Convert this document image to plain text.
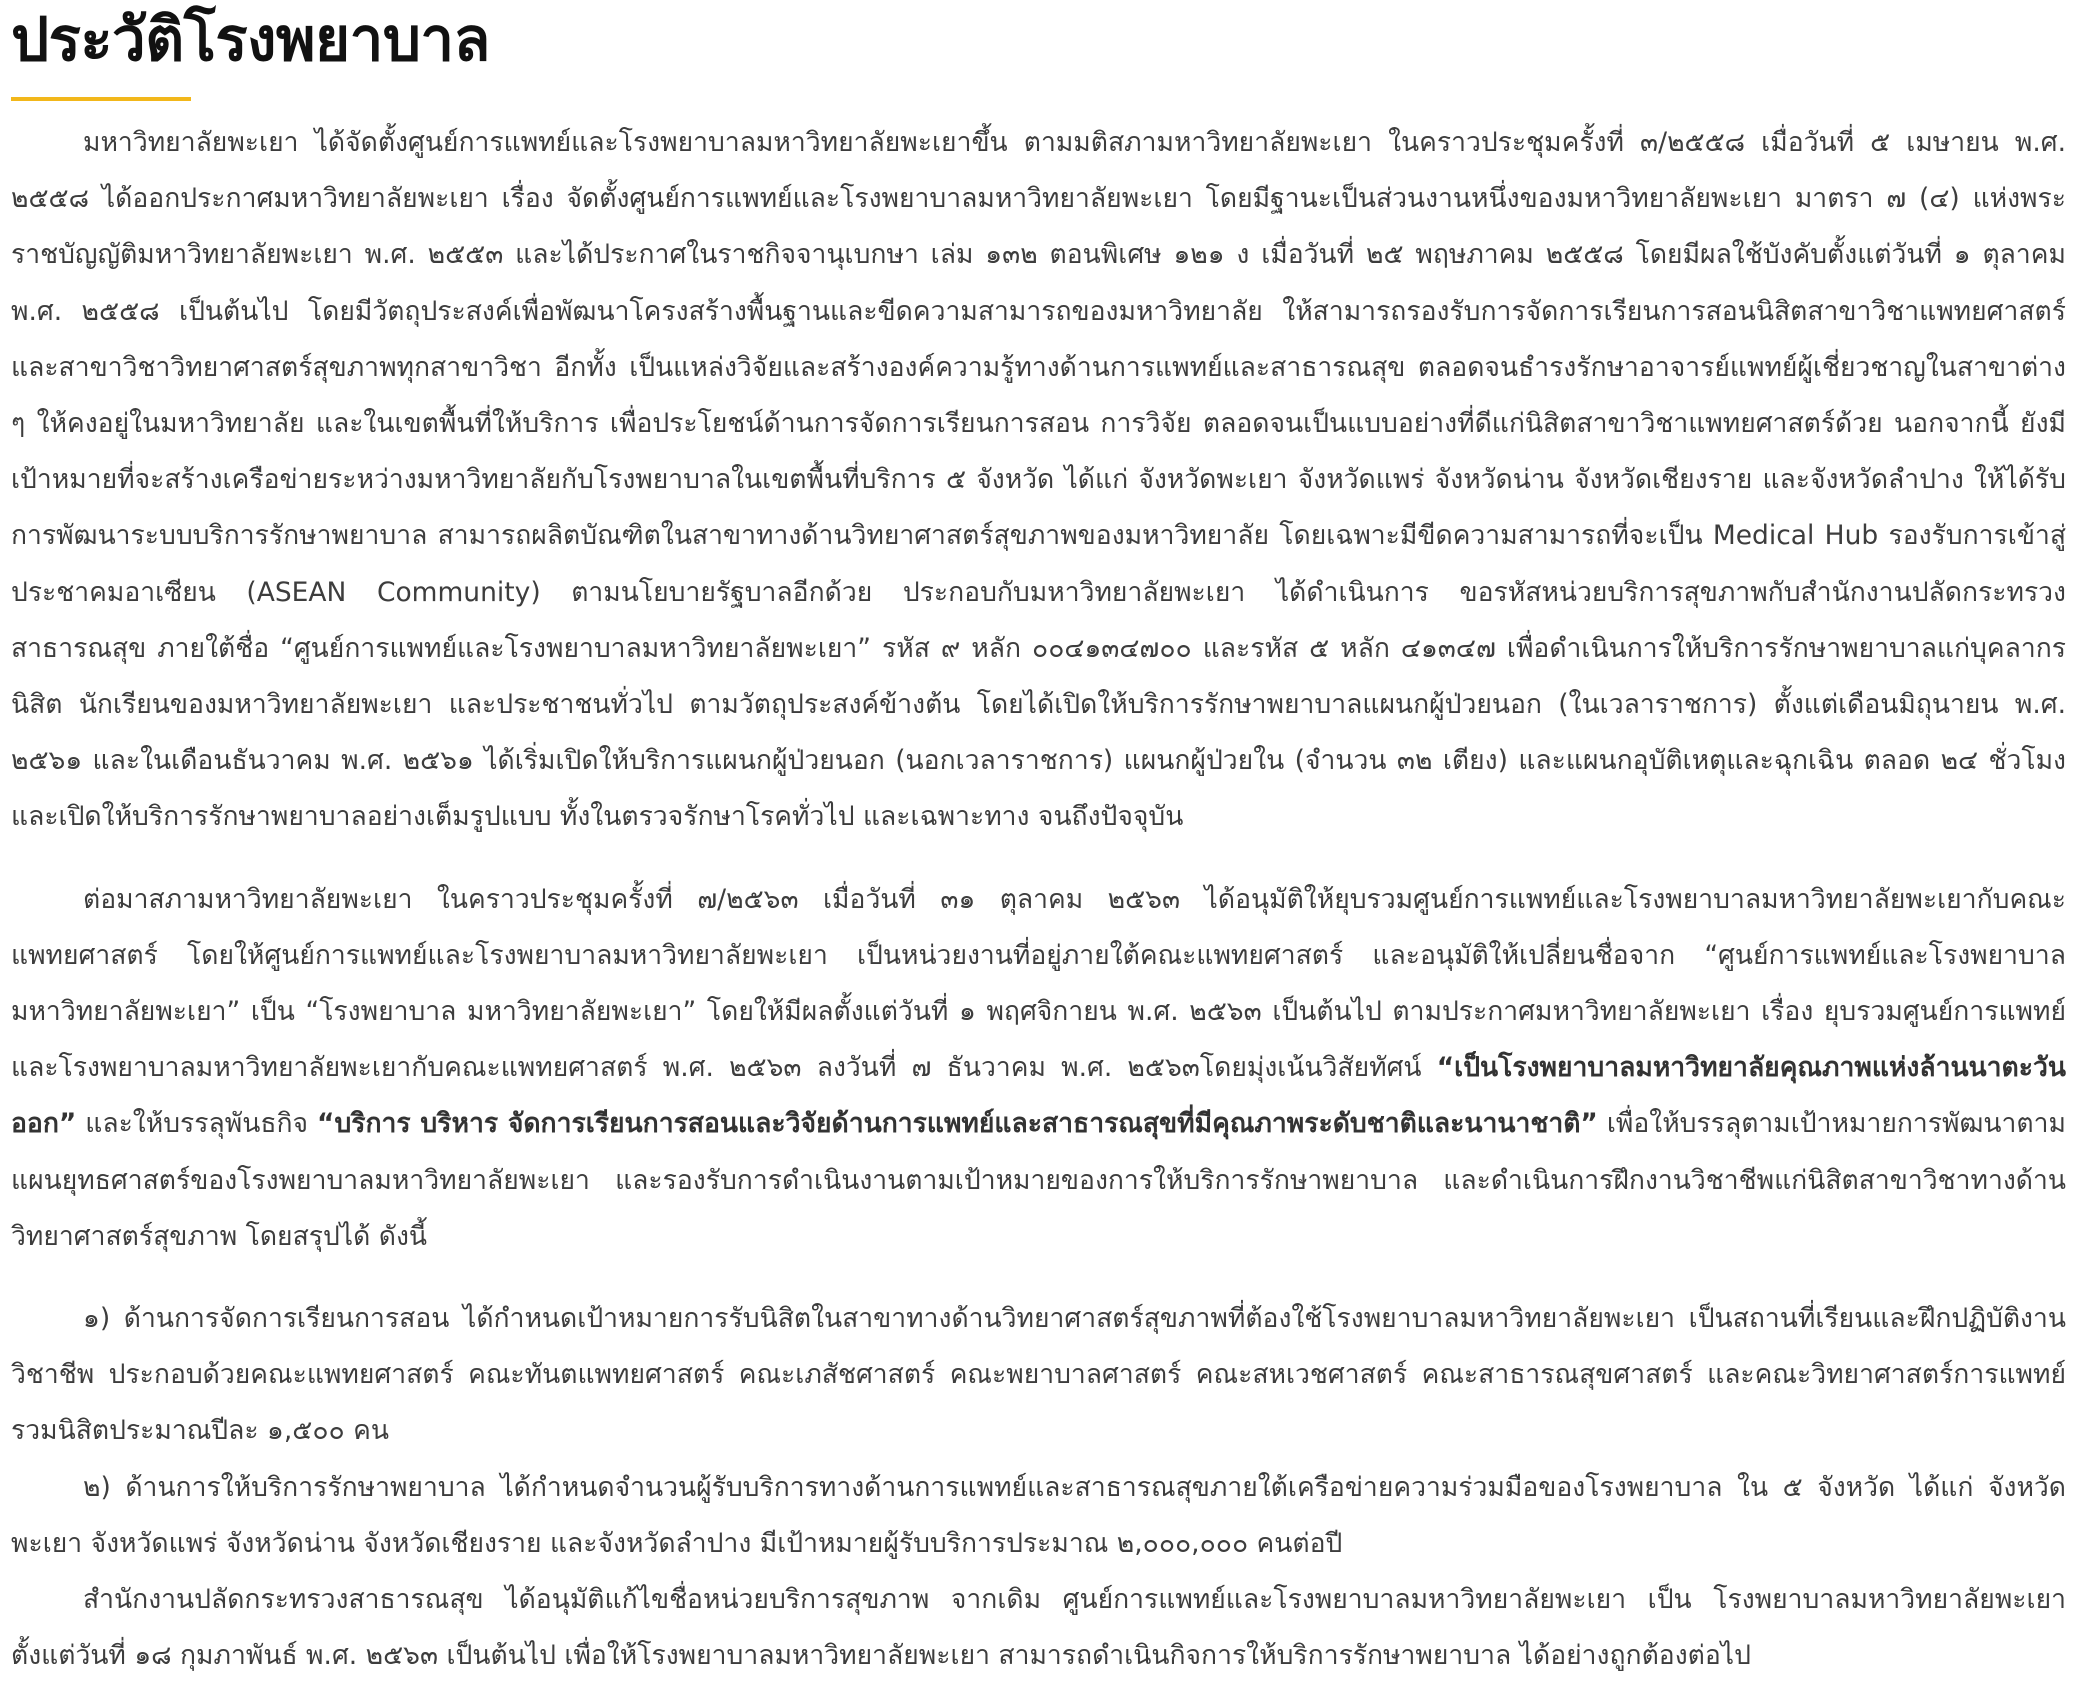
ประวัติโรงพยาบาล

มหาวิทยาลัยพะเยา ได้จัดตั้งศูนย์การแพทย์และโรงพยาบาลมหาวิทยาลัยพะเยาขึ้น ตามมติสภามหาวิทยาลัยพะเยา ในคราวประชุมครั้งที่ ๓/๒๕๕๘ เมื่อวันที่ ๕ เมษายน พ.ศ. ๒๕๕๘ ได้ออกประกาศมหาวิทยาลัยพะเยา เรื่อง จัดตั้งศูนย์การแพทย์และโรงพยาบาลมหาวิทยาลัยพะเยา โดยมีฐานะเป็นส่วนงานหนึ่งของมหาวิทยาลัยพะเยา มาตรา ๗ (๔) แห่งพระราชบัญญัติมหาวิทยาลัยพะเยา พ.ศ. ๒๕๕๓ และได้ประกาศในราชกิจจานุเบกษา เล่ม ๑๓๒ ตอนพิเศษ ๑๒๑ ง เมื่อวันที่ ๒๕ พฤษภาคม ๒๕๕๘ โดยมีผลใช้บังคับตั้งแต่วันที่ ๑ ตุลาคม พ.ศ. ๒๕๕๘ เป็นต้นไป โดยมีวัตถุประสงค์เพื่อพัฒนาโครงสร้างพื้นฐานและขีดความสามารถของมหาวิทยาลัย ให้สามารถรองรับการจัดการเรียนการสอนนิสิตสาขาวิชาแพทยศาสตร์ และสาขาวิชาวิทยาศาสตร์สุขภาพทุกสาขาวิชา อีกทั้ง เป็นแหล่งวิจัยและสร้างองค์ความรู้ทางด้านการแพทย์และสาธารณสุข ตลอดจนธำรงรักษาอาจารย์แพทย์ผู้เชี่ยวชาญในสาขาต่าง ๆ ให้คงอยู่ในมหาวิทยาลัย และในเขตพื้นที่ให้บริการ เพื่อประโยชน์ด้านการจัดการเรียนการสอน การวิจัย ตลอดจนเป็นแบบอย่างที่ดีแก่นิสิตสาขาวิชาแพทยศาสตร์ด้วย นอกจากนี้ ยังมีเป้าหมายที่จะสร้างเครือข่ายระหว่างมหาวิทยาลัยกับโรงพยาบาลในเขตพื้นที่บริการ ๕ จังหวัด ได้แก่ จังหวัดพะเยา จังหวัดแพร่ จังหวัดน่าน จังหวัดเชียงราย และจังหวัดลำปาง ให้ได้รับการพัฒนาระบบบริการรักษาพยาบาล สามารถผลิตบัณฑิตในสาขาทางด้านวิทยาศาสตร์สุขภาพของมหาวิทยาลัย โดยเฉพาะมีขีดความสามารถที่จะเป็น Medical Hub รองรับการเข้าสู่ประชาคมอาเซียน (ASEAN Community) ตามนโยบายรัฐบาลอีกด้วย ประกอบกับมหาวิทยาลัยพะเยา ได้ดำเนินการ ขอรหัสหน่วยบริการสุขภาพกับสำนักงานปลัดกระทรวงสาธารณสุข ภายใต้ชื่อ “ศูนย์การแพทย์และโรงพยาบาลมหาวิทยาลัยพะเยา” รหัส ๙ หลัก ๐๐๔๑๓๔๗๐๐ และรหัส ๕ หลัก ๔๑๓๔๗ เพื่อดำเนินการให้บริการรักษาพยาบาลแก่บุคลากร นิสิต นักเรียนของมหาวิทยาลัยพะเยา และประชาชนทั่วไป ตามวัตถุประสงค์ข้างต้น โดยได้เปิดให้บริการรักษาพยาบาลแผนกผู้ป่วยนอก (ในเวลาราชการ) ตั้งแต่เดือนมิถุนายน พ.ศ. ๒๕๖๑ และในเดือนธันวาคม พ.ศ. ๒๕๖๑ ได้เริ่มเปิดให้บริการแผนกผู้ป่วยนอก (นอกเวลาราชการ) แผนกผู้ป่วยใน (จำนวน ๓๒ เตียง) และแผนกอุบัติเหตุและฉุกเฉิน ตลอด ๒๔ ชั่วโมง และเปิดให้บริการรักษาพยาบาลอย่างเต็มรูปแบบ ทั้งในตรวจรักษาโรคทั่วไป และเฉพาะทาง จนถึงปัจจุบัน

ต่อมาสภามหาวิทยาลัยพะเยา ในคราวประชุมครั้งที่ ๗/๒๕๖๓ เมื่อวันที่ ๓๑ ตุลาคม ๒๕๖๓ ได้อนุมัติให้ยุบรวมศูนย์การแพทย์และโรงพยาบาลมหาวิทยาลัยพะเยากับคณะแพทยศาสตร์ โดยให้ศูนย์การแพทย์และโรงพยาบาลมหาวิทยาลัยพะเยา เป็นหน่วยงานที่อยู่ภายใต้คณะแพทยศาสตร์ และอนุมัติให้เปลี่ยนชื่อจาก “ศูนย์การแพทย์และโรงพยาบาลมหาวิทยาลัยพะเยา” เป็น “โรงพยาบาล มหาวิทยาลัยพะเยา” โดยให้มีผลตั้งแต่วันที่ ๑ พฤศจิกายน พ.ศ. ๒๕๖๓ เป็นต้นไป ตามประกาศมหาวิทยาลัยพะเยา เรื่อง ยุบรวมศูนย์การแพทย์และโรงพยาบาลมหาวิทยาลัยพะเยากับคณะแพทยศาสตร์ พ.ศ. ๒๕๖๓ ลงวันที่ ๗ ธันวาคม พ.ศ. ๒๕๖๓โดยมุ่งเน้นวิสัยทัศน์ “เป็นโรงพยาบาลมหาวิทยาลัยคุณภาพแห่งล้านนาตะวันออก” และให้บรรลุพันธกิจ “บริการ บริหาร จัดการเรียนการสอนและวิจัยด้านการแพทย์และสาธารณสุขที่มีคุณภาพระดับชาติและนานาชาติ” เพื่อให้บรรลุตามเป้าหมายการพัฒนาตามแผนยุทธศาสตร์ของโรงพยาบาลมหาวิทยาลัยพะเยา และรองรับการดำเนินงานตามเป้าหมายของการให้บริการรักษาพยาบาล และดำเนินการฝึกงานวิชาชีพแก่นิสิตสาขาวิชาทางด้านวิทยาศาสตร์สุขภาพ โดยสรุปได้ ดังนี้

๑) ด้านการจัดการเรียนการสอน ได้กำหนดเป้าหมายการรับนิสิตในสาขาทางด้านวิทยาศาสตร์สุขภาพที่ต้องใช้โรงพยาบาลมหาวิทยาลัยพะเยา เป็นสถานที่เรียนและฝึกปฏิบัติงานวิชาชีพ ประกอบด้วยคณะแพทยศาสตร์ คณะทันตแพทยศาสตร์ คณะเภสัชศาสตร์ คณะพยาบาลศาสตร์ คณะสหเวชศาสตร์ คณะสาธารณสุขศาสตร์ และคณะวิทยาศาสตร์การแพทย์ รวมนิสิตประมาณปีละ ๑,๕๐๐ คน

๒) ด้านการให้บริการรักษาพยาบาล ได้กำหนดจำนวนผู้รับบริการทางด้านการแพทย์และสาธารณสุขภายใต้เครือข่ายความร่วมมือของโรงพยาบาล ใน ๕ จังหวัด ได้แก่ จังหวัดพะเยา จังหวัดแพร่ จังหวัดน่าน จังหวัดเชียงราย และจังหวัดลำปาง มีเป้าหมายผู้รับบริการประมาณ ๒,๐๐๐,๐๐๐ คนต่อปี

สำนักงานปลัดกระทรวงสาธารณสุข ได้อนุมัติแก้ไขชื่อหน่วยบริการสุขภาพ จากเดิม ศูนย์การแพทย์และโรงพยาบาลมหาวิทยาลัยพะเยา เป็น โรงพยาบาลมหาวิทยาลัยพะเยา ตั้งแต่วันที่ ๑๘ กุมภาพันธ์ พ.ศ. ๒๕๖๓ เป็นต้นไป เพื่อให้โรงพยาบาลมหาวิทยาลัยพะเยา สามารถดำเนินกิจการให้บริการรักษาพยาบาล ได้อย่างถูกต้องต่อไป
